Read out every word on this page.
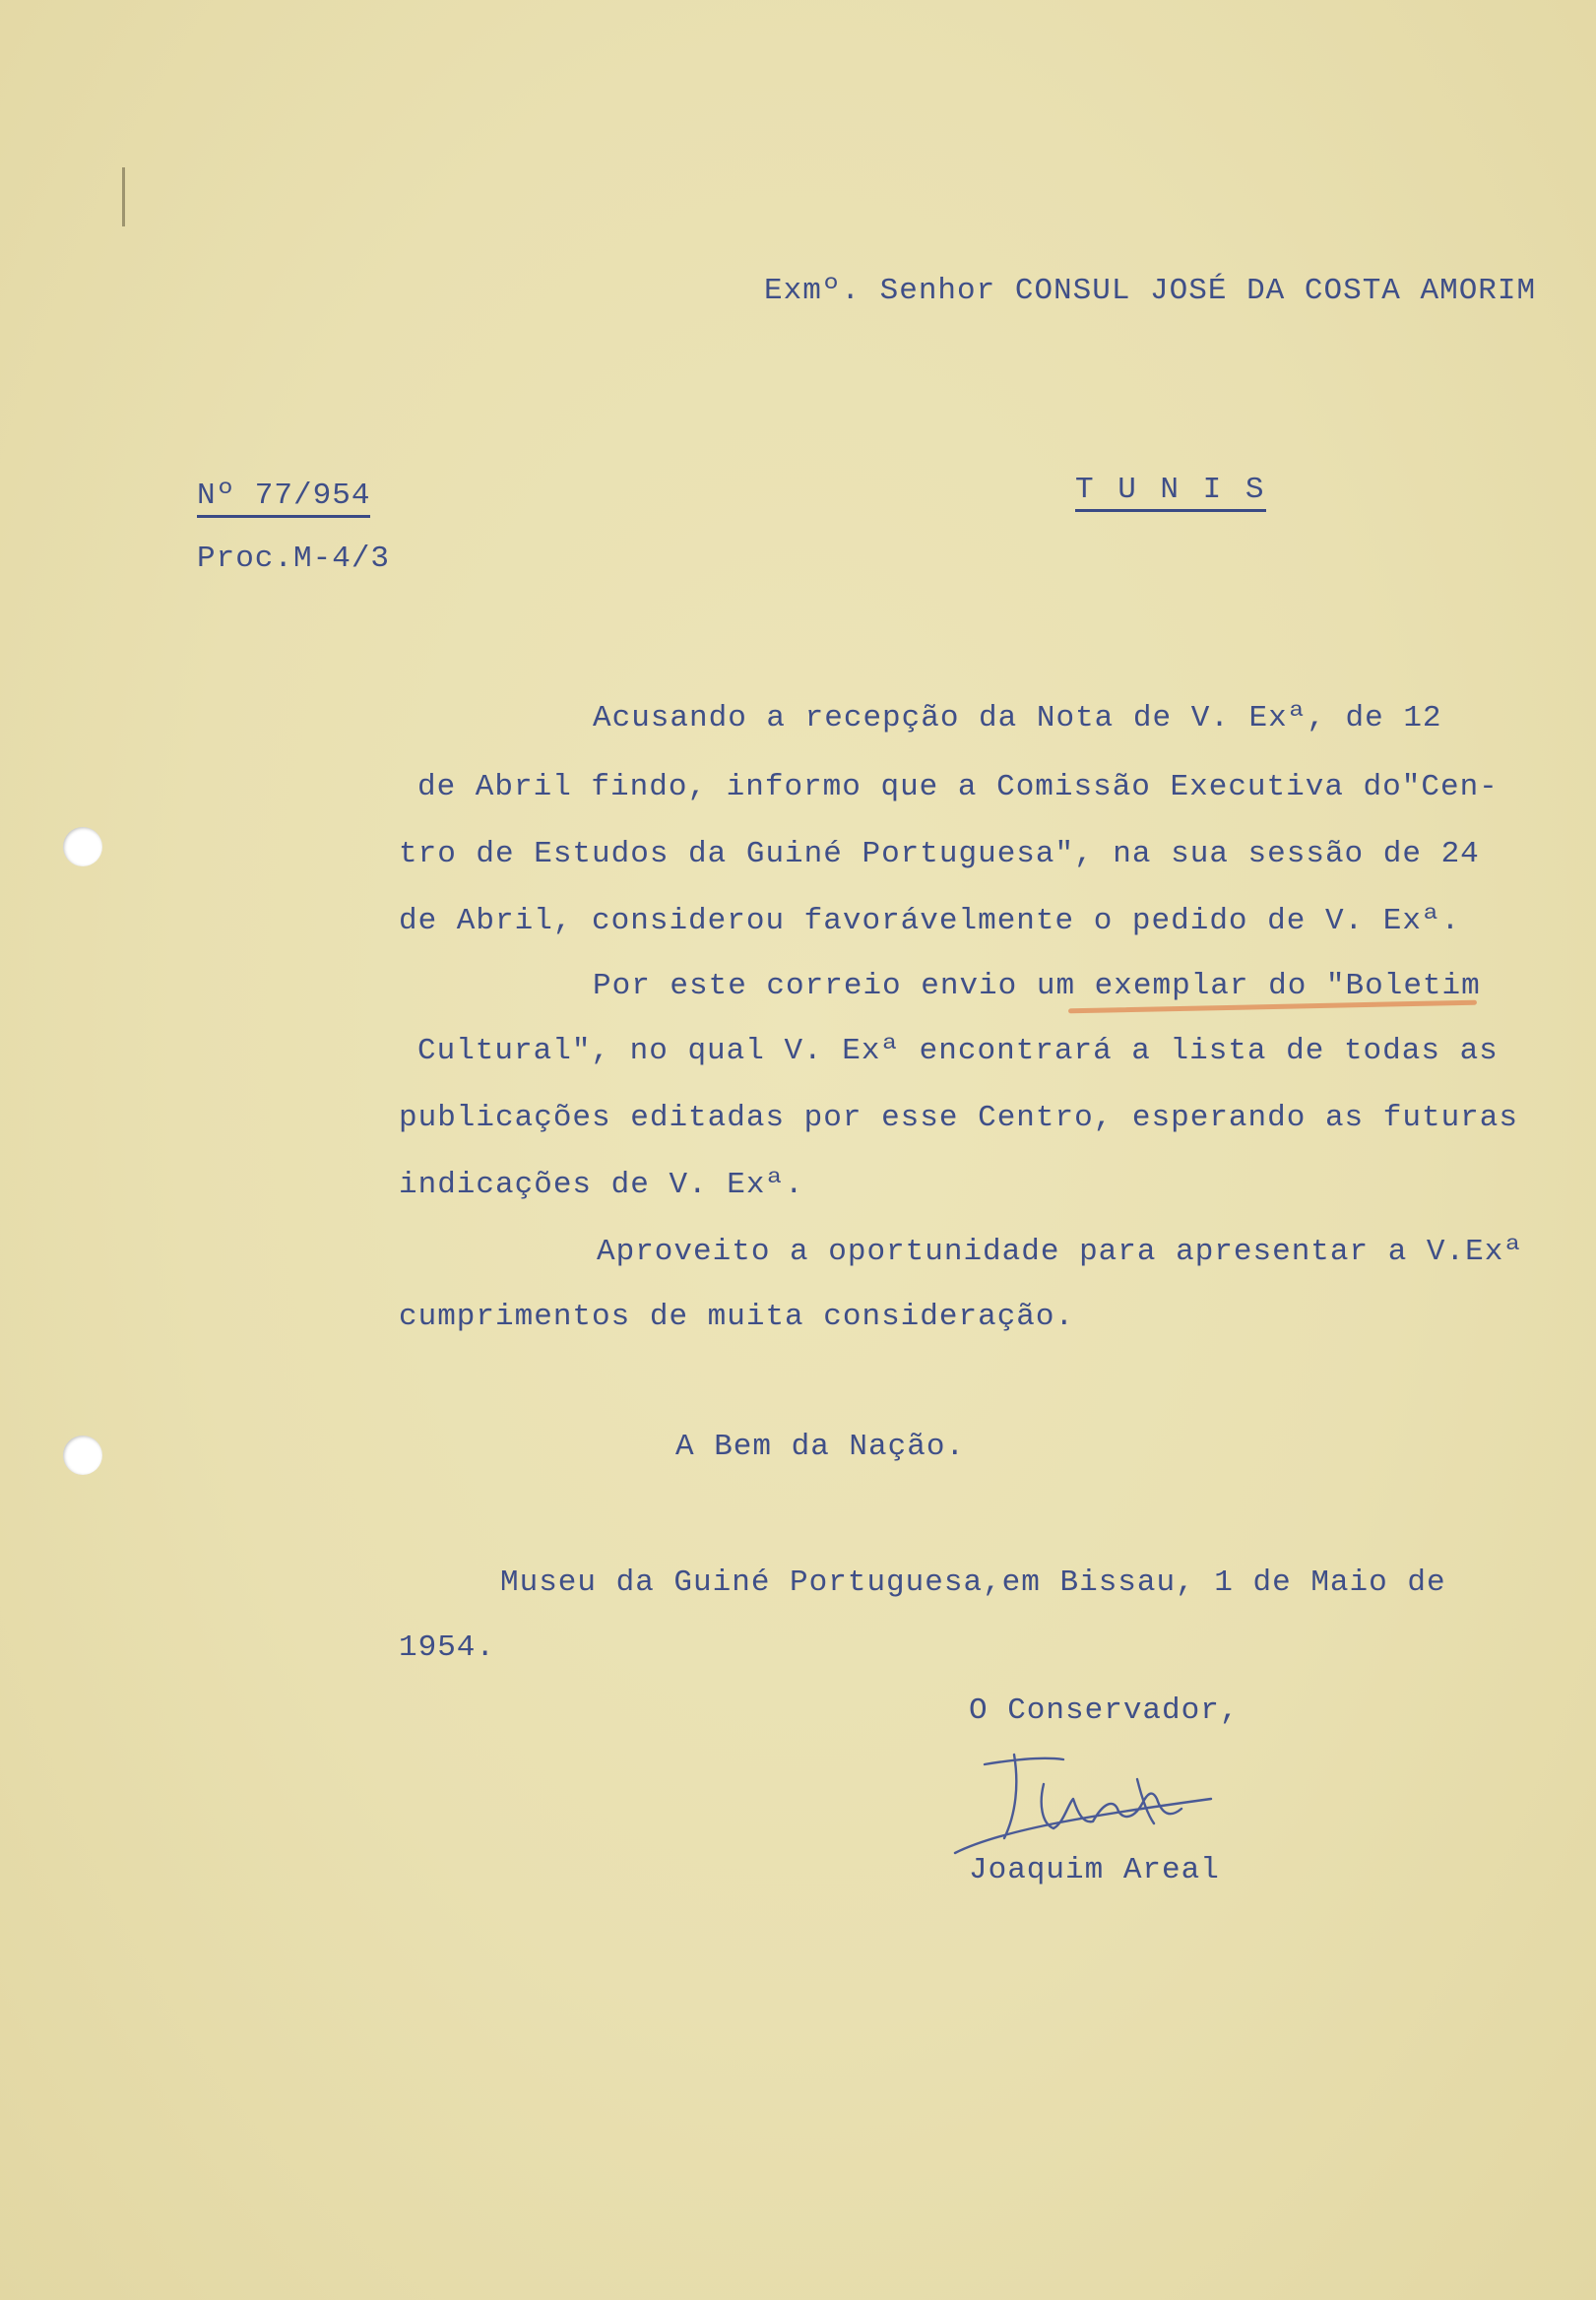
Exmº. Senhor CONSUL JOSÉ DA COSTA AMORIM

Nº 77/954

Proc.M-4/3

T U N I S

Acusando a recepção da Nota de V. Exª, de 12

de Abril findo, informo que a Comissão Executiva do"Cen-

tro de Estudos da Guiné Portuguesa", na sua sessão de 24

de Abril, considerou favorávelmente o pedido de V. Exª.

Por este correio envio um exemplar do "Boletim

Cultural", no qual V. Exª encontrará a lista de todas as

publicações editadas por esse Centro, esperando as futuras

indicações de V. Exª.

Aproveito a oportunidade para apresentar a V.Exª

cumprimentos de muita consideração.

A Bem da Nação.

Museu da Guiné Portuguesa,em Bissau, 1 de Maio de

1954.

O Conservador,

Joaquim Areal
